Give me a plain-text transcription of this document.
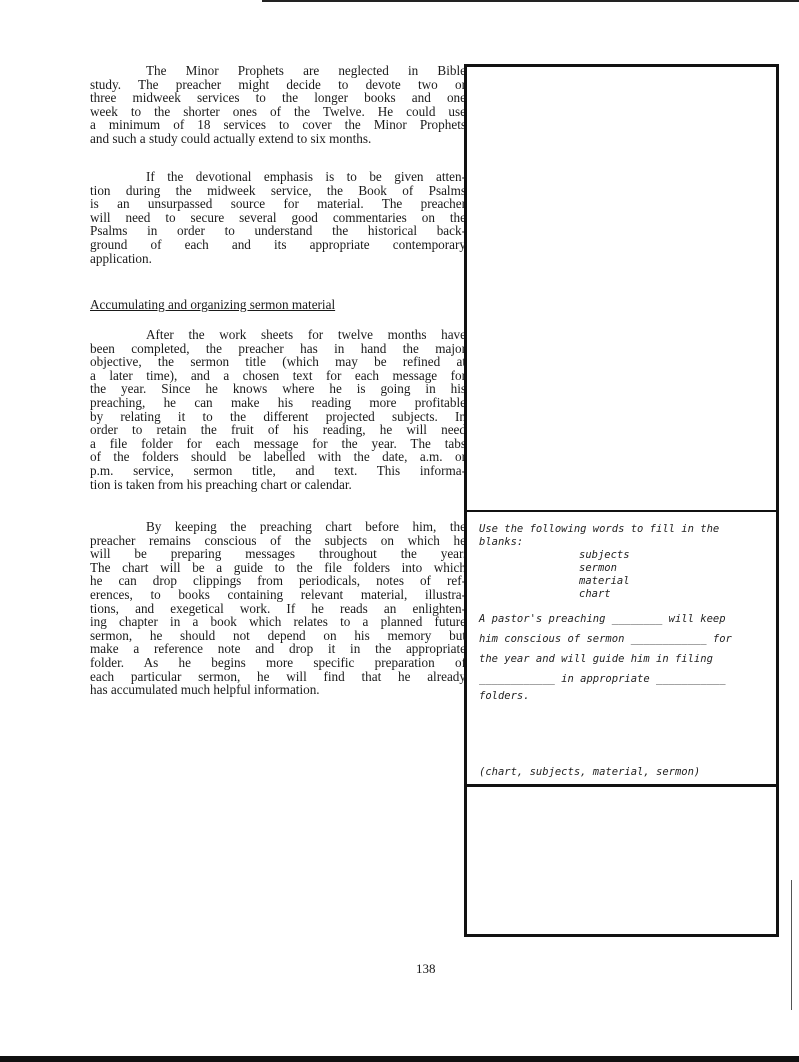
The Minor Prophets are neglected in Bible
study. The preacher might decide to devote two or
three midweek services to the longer books and one
week to the shorter ones of the Twelve. He could use
a minimum of 18 services to cover the Minor Prophets
and such a study could actually extend to six months.
If the devotional emphasis is to be given atten-
tion during the midweek service, the Book of Psalms
is an unsurpassed source for material. The preacher
will need to secure several good commentaries on the
Psalms in order to understand the historical back-
ground of each and its appropriate contemporary
application.
Accumulating and organizing sermon material
After the work sheets for twelve months have
been completed, the preacher has in hand the major
objective, the sermon title (which may be refined at
a later time), and a chosen text for each message for
the year. Since he knows where he is going in his
preaching, he can make his reading more profitable
by relating it to the different projected subjects. In
order to retain the fruit of his reading, he will need
a file folder for each message for the year. The tabs
of the folders should be labelled with the date, a.m. or
p.m. service, sermon title, and text. This informa-
tion is taken from his preaching chart or calendar.
By keeping the preaching chart before him, the
preacher remains conscious of the subjects on which he
will be preparing messages throughout the year.
The chart will be a guide to the file folders into which
he can drop clippings from periodicals, notes of ref-
erences, to books containing relevant material, illustra-
tions, and exegetical work. If he reads an enlighten-
ing chapter in a book which relates to a planned future
sermon, he should not depend on his memory but
make a reference note and drop it in the appropriate
folder. As he begins more specific preparation of
each particular sermon, he will find that he already
has accumulated much helpful information.
Use the following words to fill in the
blanks:
subjects
sermon
material
chart
A pastor's preaching ________ will keep
him conscious of sermon ____________ for
the year and will guide him in filing
____________ in appropriate ___________
folders.
(chart, subjects, material, sermon)
138
